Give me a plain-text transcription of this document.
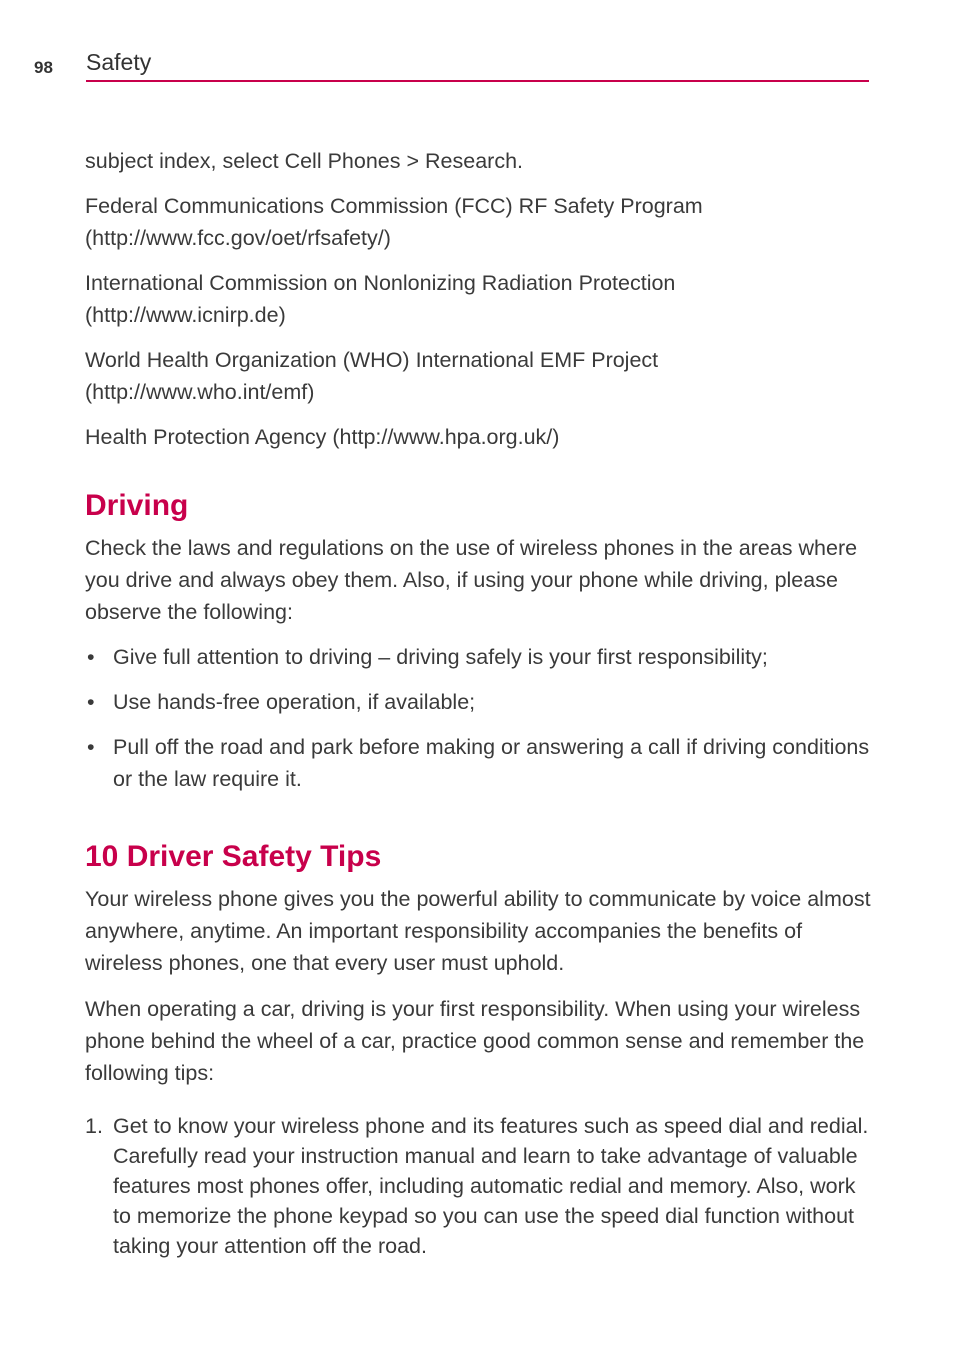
98 Safety

subject index, select Cell Phones > Research.

Federal Communications Commission (FCC) RF Safety Program (http://www.fcc.gov/oet/rfsafety/)

International Commission on Nonlonizing Radiation Protection (http://www.icnirp.de)

World Health Organization (WHO) International EMF Project (http://www.who.int/emf)

Health Protection Agency (http://www.hpa.org.uk/)

Driving

Check the laws and regulations on the use of wireless phones in the areas where you drive and always obey them. Also, if using your phone while driving, please observe the following:

• Give full attention to driving – driving safely is your first responsibility;
• Use hands-free operation, if available;
• Pull off the road and park before making or answering a call if driving conditions or the law require it.
10 Driver Safety Tips

Your wireless phone gives you the powerful ability to communicate by voice almost anywhere, anytime. An important responsibility accompanies the benefits of wireless phones, one that every user must uphold.

When operating a car, driving is your first responsibility. When using your wireless phone behind the wheel of a car, practice good common sense and remember the following tips:

1. Get to know your wireless phone and its features such as speed dial and redial. Carefully read your instruction manual and learn to take advantage of valuable features most phones offer, including automatic redial and memory. Also, work to memorize the phone keypad so you can use the speed dial function without taking your attention off the road.
